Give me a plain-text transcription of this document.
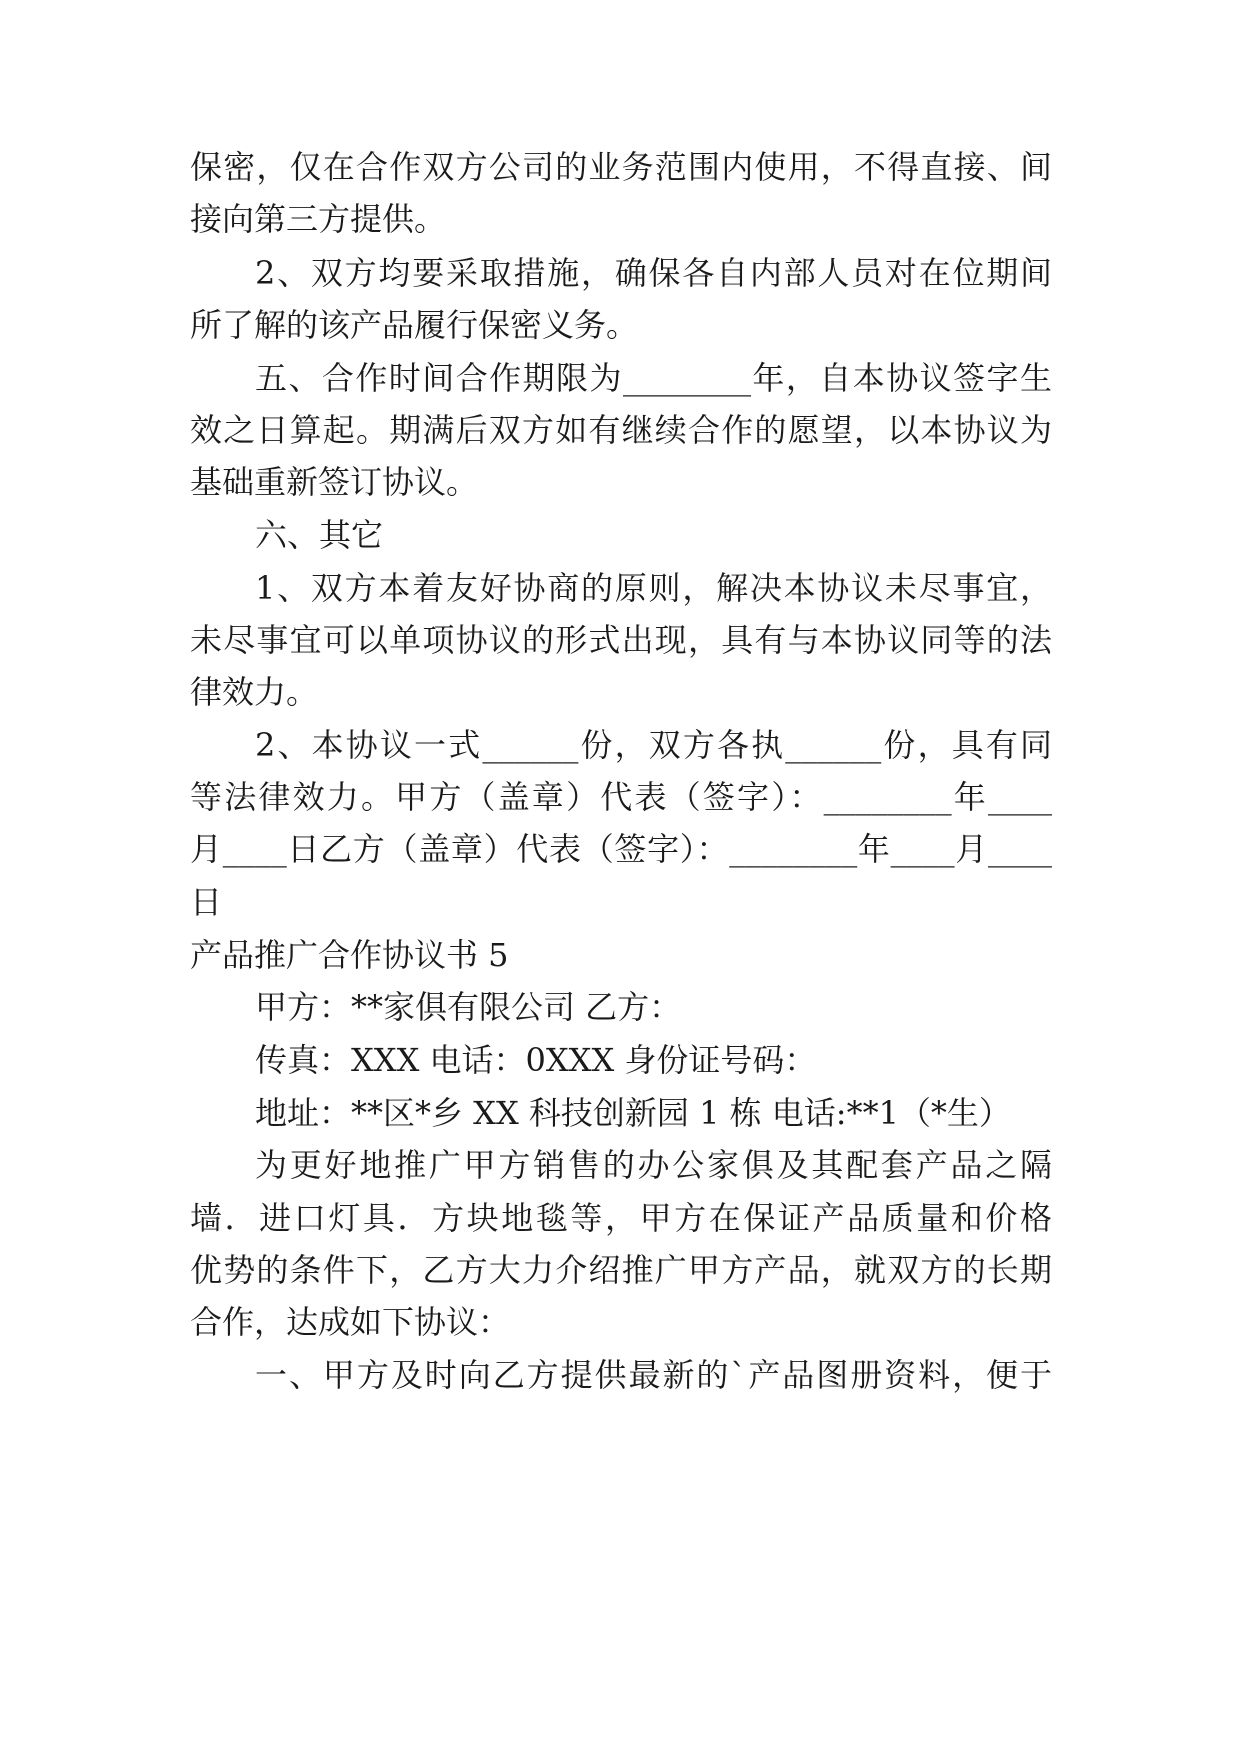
保密，仅在合作双方公司的业务范围内使用，不得直接、间
接向第三方提供。
2、双方均要采取措施，确保各自内部人员对在位期间
所了解的该产品履行保密义务。
五、合作时间合作期限为________年，自本协议签字生
效之日算起。期满后双方如有继续合作的愿望，以本协议为
基础重新签订协议。
六、其它
1、双方本着友好协商的原则，解决本协议未尽事宜，
未尽事宜可以单项协议的形式出现，具有与本协议同等的法
律效力。
2、本协议一式______份，双方各执______份，具有同
等法律效力。甲方（盖章）代表（签字）：________年____
月____日乙方（盖章）代表（签字）：________年____月____
日
产品推广合作协议书 5
甲方：**家俱有限公司 乙方：
传真：XXX 电话：0XXX 身份证号码：
地址：**区*乡 XX 科技创新园 1 栋 电话:**1（*生）
为更好地推广甲方销售的办公家俱及其配套产品之隔
墙．进口灯具．方块地毯等，甲方在保证产品质量和价格
优势的条件下，乙方大力介绍推广甲方产品，就双方的长期
合作，达成如下协议：
一、甲方及时向乙方提供最新的`产品图册资料，便于
